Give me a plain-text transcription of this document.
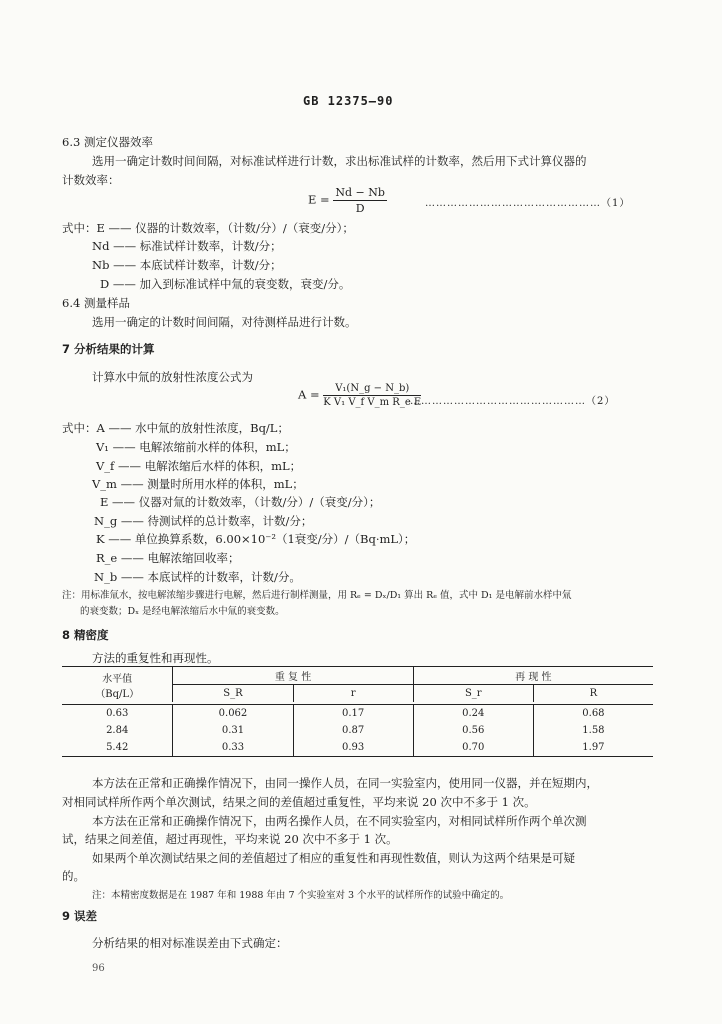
GB 12375—90
6.3 测定仪器效率
选用一确定计数时间间隔，对标准试样进行计数，求出标准试样的计数率，然后用下式计算仪器的
计数效率：
$E = \frac{Nd - Nb}{D}$	…………………………………………（1）
式中：E —— 仪器的计数效率，（计数/分）/（衰变/分）；
Nd —— 标准试样计数率，计数/分；
Nb —— 本底试样计数率，计数/分；
D —— 加入到标准试样中氚的衰变数，衰变/分。
6.4 测量样品
选用一确定的计数时间间隔，对待测样品进行计数。
7 分析结果的计算
计算水中氚的放射性浓度公式为
$A = \frac{\text{V₁(N\_g − N\_b)}}{\text{K V₁ V\_f V\_m R\_e E}}$
…………………………………………（2）
式中：A —— 水中氚的放射性浓度，Bq/L；
V₁ —— 电解浓缩前水样的体积，mL；
V_f —— 电解浓缩后水样的体积，mL；
V_m —— 测量时所用水样的体积，mL；
E —— 仪器对氚的计数效率，（计数/分）/（衰变/分）；
N_g —— 待测试样的总计数率，计数/分；
K —— 单位换算系数，6.00×10⁻²（1衰变/分）/（Bq·mL）；
R_e —— 电解浓缩回收率；
N_b —— 本底试样的计数率，计数/分。
注：用标准氚水，按电解浓缩步骤进行电解，然后进行制样测量，用 Rₑ = Dₓ/D₁ 算出 Rₑ 值，式中 D₁ 是电解前水样中氚
的衰变数；Dₓ 是经电解浓缩后水中氚的衰变数。
8 精密度
方法的重复性和再现性。
水平值
（Bq/L）	重 复 性		再 现 性	
	S_R	r	S_r	R

0.63	0.062	0.17	0.24	0.68
2.84	0.31	0.87	0.56	1.58
5.42	0.33	0.93	0.70	1.97
本方法在正常和正确操作情况下，由同一操作人员，在同一实验室内，使用同一仪器，并在短期内，
对相同试样所作两个单次测试，结果之间的差值超过重复性，平均来说 20 次中不多于 1 次。
本方法在正常和正确操作情况下，由两名操作人员，在不同实验室内，对相同试样所作两个单次测
试，结果之间差值，超过再现性，平均来说 20 次中不多于 1 次。
如果两个单次测试结果之间的差值超过了相应的重复性和再现性数值，则认为这两个结果是可疑
的。
注：本精密度数据是在 1987 年和 1988 年由 7 个实验室对 3 个水平的试样所作的试验中确定的。
9 误差
分析结果的相对标准误差由下式确定：
96
